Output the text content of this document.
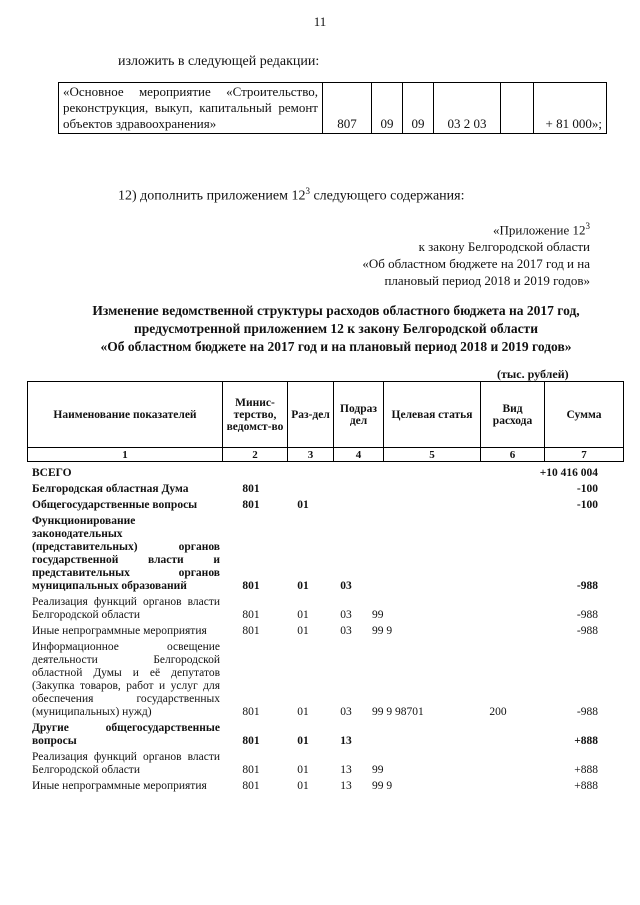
11
изложить в следующей редакции:
«Основное мероприятие «Строительство, реконструкция, выкуп, капитальный ремонт объектов здравоохранения»	807	09	09	03 2 03		+ 81 000»;
12) дополнить приложением $12^3$ следующего содержания:
«Приложение $12^3$
к закону Белгородской области
«Об областном бюджете на 2017 год и на
плановый период 2018 и 2019 годов»
Изменение ведомственной структуры расходов областного бюджета на 2017 год,
предусмотренной приложением 12 к закону Белгородской области
«Об областном бюджете на 2017 год и на плановый период 2018 и 2019 годов»
(тыс. рублей)
Наименование показателей	Минис-терство, ведомст-во	Раз-дел	Подраз дел	Целевая статья	Вид расхода	Сумма
1	2	3	4	5	6	7
ВСЕГО						+10 416 004
Белгородская областная Дума	801					-100
Общегосударственные вопросы	801	01				-100
Функционирование законодательных (представительных) органов государственной власти и представительных органов муниципальных образований	801	01	03			-988
Реализация функций органов власти Белгородской области	801	01	03	99		-988
Иные непрограммные мероприятия	801	01	03	99 9		-988
Информационное освещение деятельности Белгородской областной Думы и её депутатов (Закупка товаров, работ и услуг для обеспечения государственных (муниципальных) нужд)	801	01	03	99 9 98701	200	-988
Другие общегосударственные вопросы	801	01	13			+888
Реализация функций органов власти Белгородской области	801	01	13	99		+888
Иные непрограммные мероприятия	801	01	13	99 9		+888
